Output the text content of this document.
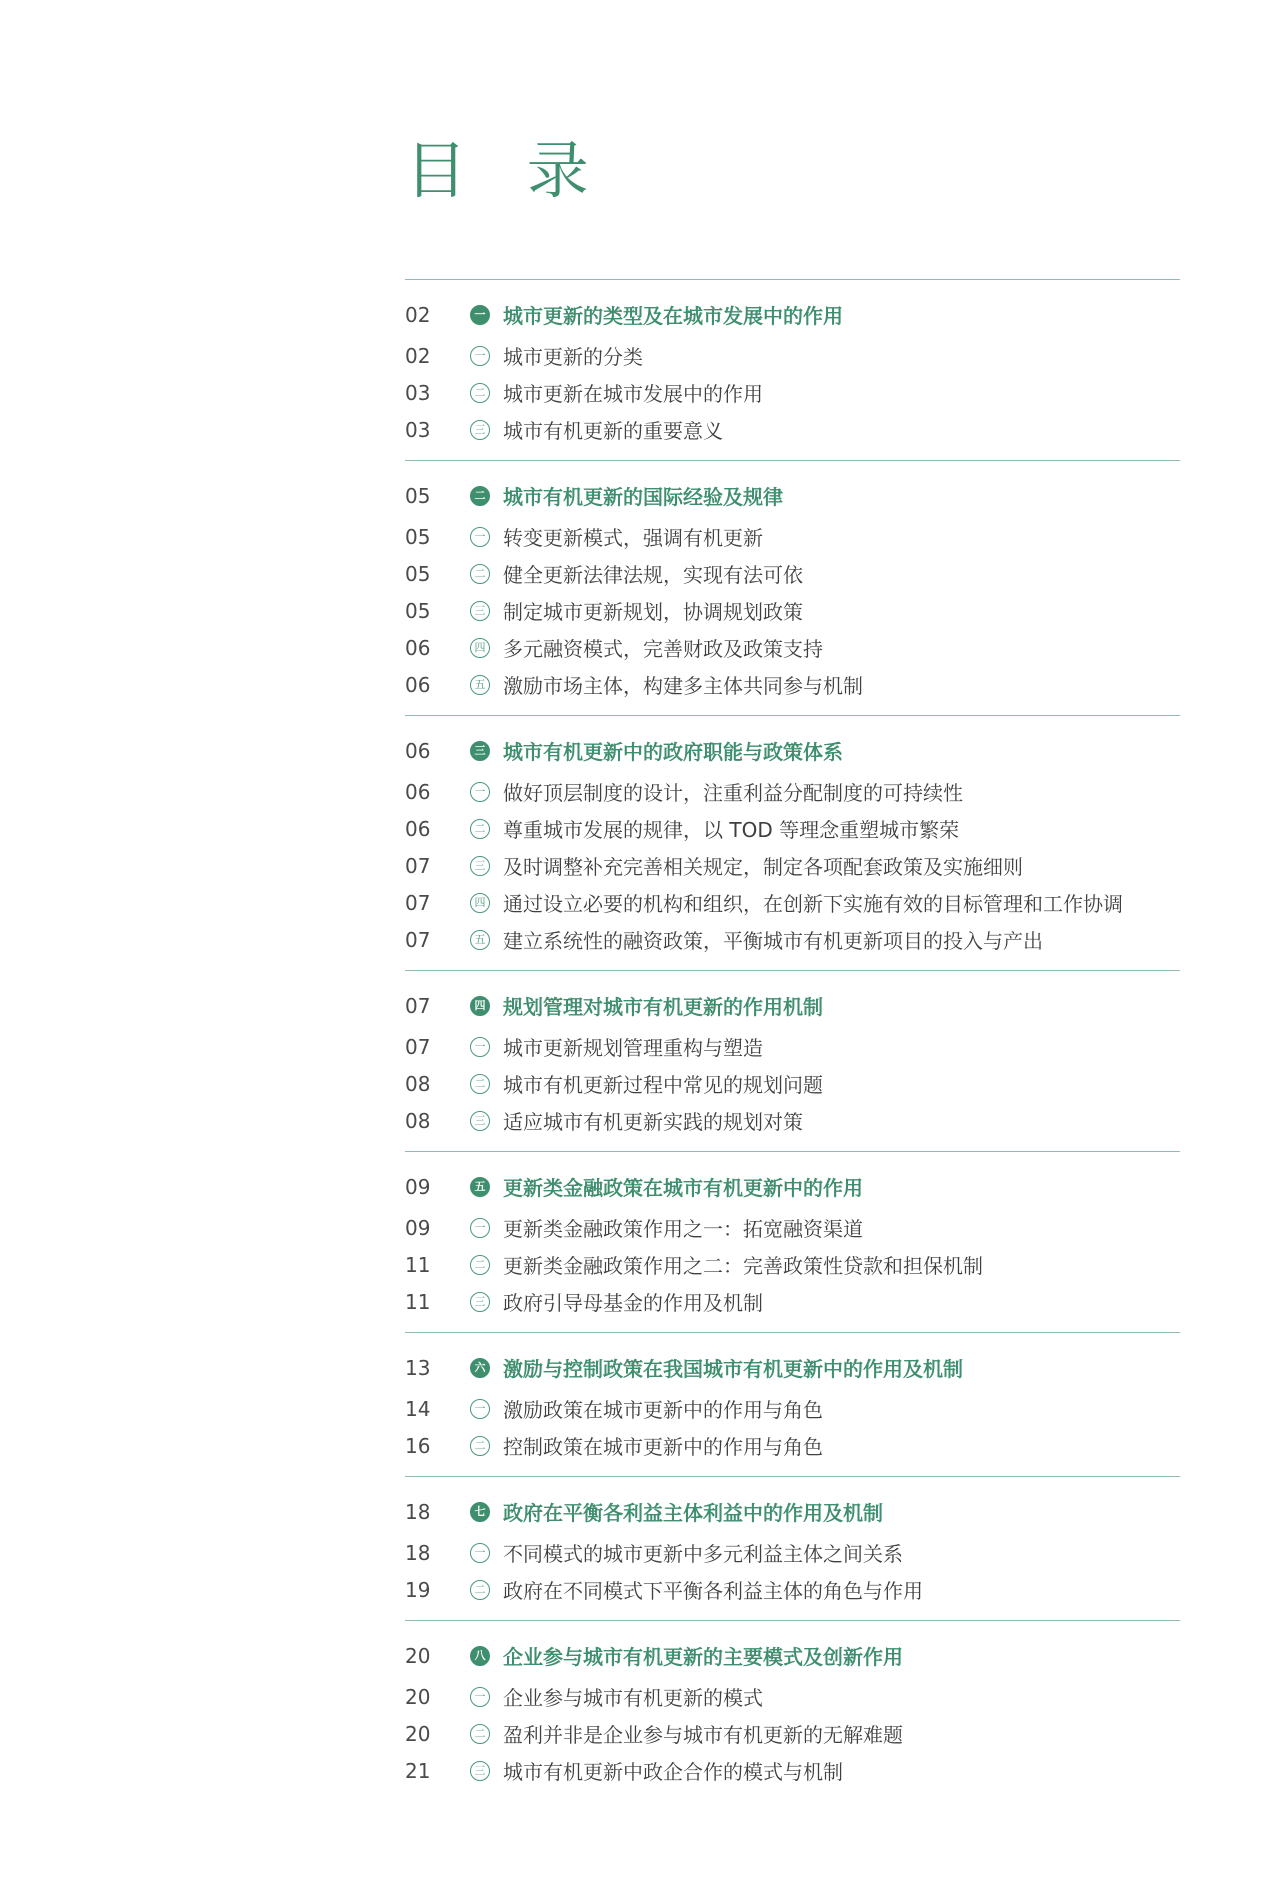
目 录
02	一 城市更新的类型及在城市发展中的作用
02	一 城市更新的分类
03	二 城市更新在城市发展中的作用
03	三 城市有机更新的重要意义
05	二 城市有机更新的国际经验及规律
05	一 转变更新模式，强调有机更新
05	二 健全更新法律法规，实现有法可依
05	三 制定城市更新规划，协调规划政策
06	四 多元融资模式，完善财政及政策支持
06	五 激励市场主体，构建多主体共同参与机制
06	三 城市有机更新中的政府职能与政策体系
06	一 做好顶层制度的设计，注重利益分配制度的可持续性
06	二 尊重城市发展的规律，以 TOD 等理念重塑城市繁荣
07	三 及时调整补充完善相关规定，制定各项配套政策及实施细则
07	四 通过设立必要的机构和组织，在创新下实施有效的目标管理和工作协调
07	五 建立系统性的融资政策，平衡城市有机更新项目的投入与产出
07	四 规划管理对城市有机更新的作用机制
07	一 城市更新规划管理重构与塑造
08	二 城市有机更新过程中常见的规划问题
08	三 适应城市有机更新实践的规划对策
09	五 更新类金融政策在城市有机更新中的作用
09	一 更新类金融政策作用之一：拓宽融资渠道
11	二 更新类金融政策作用之二：完善政策性贷款和担保机制
11	三 政府引导母基金的作用及机制
13	六 激励与控制政策在我国城市有机更新中的作用及机制
14	一 激励政策在城市更新中的作用与角色
16	二 控制政策在城市更新中的作用与角色
18	七 政府在平衡各利益主体利益中的作用及机制
18	一 不同模式的城市更新中多元利益主体之间关系
19	二 政府在不同模式下平衡各利益主体的角色与作用
20	八 企业参与城市有机更新的主要模式及创新作用
20	一 企业参与城市有机更新的模式
20	二 盈利并非是企业参与城市有机更新的无解难题
21	三 城市有机更新中政企合作的模式与机制
